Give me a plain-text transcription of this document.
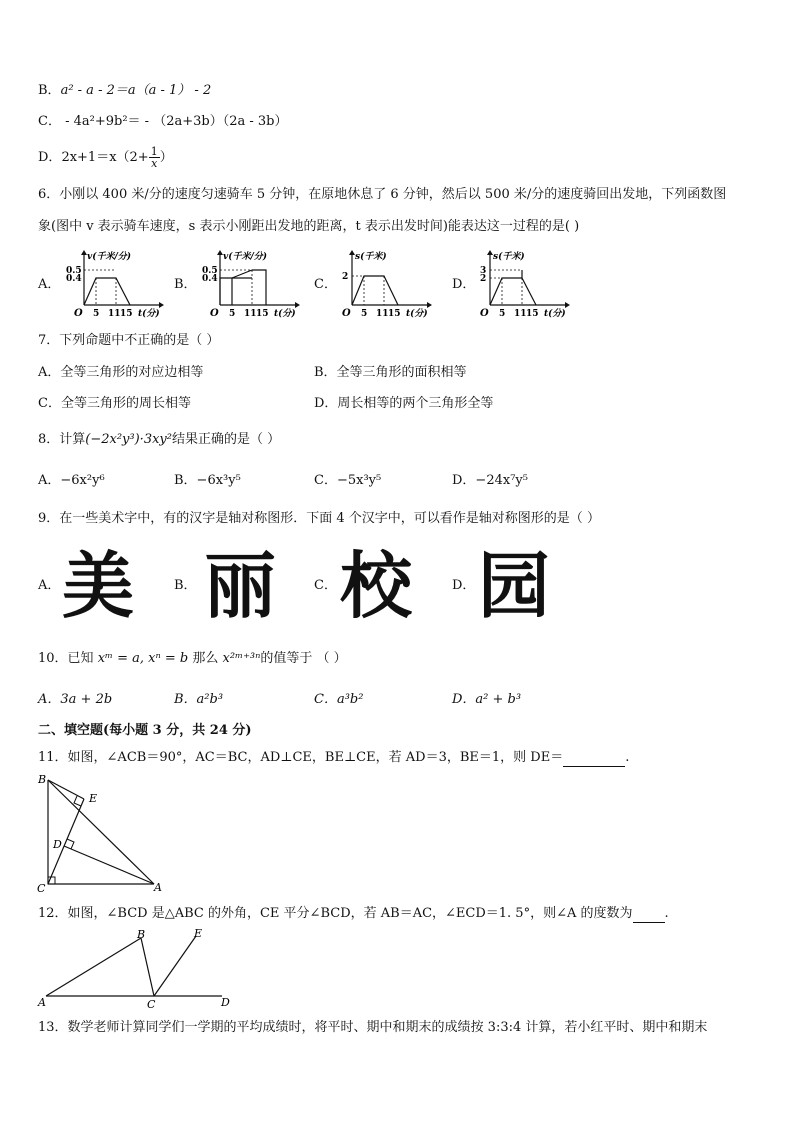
B．a² - a - 2＝a（a - 1） - 2
C． - 4a²+9b²＝ - （2a+3b）（2a - 3b）
D．$2x+1=x(2+ \frac{1}{x}$ ）
6．小刚以 400 米/分的速度匀速骑车 5 分钟，在原地休息了 6 分钟，然后以 500 米/分的速度骑回出发地，下列函数图
象(图中 v 表示骑车速度，s 表示小刚距出发地的距离，t 表示出发时间)能表达这一过程的是( )
A．	B．	C．	D．
v(千米/分)
0.5
0.4
O 5 11 15 t(分)
v(千米/分)
0.5
0.4
O 5 11 15 t(分)
s(千米)
2
O 5 11 15 t(分)
s(千米)
3
2
O 5 11 15 t(分)
7．下列命题中不正确的是（ ）
A．全等三角形的对应边相等	B．全等三角形的面积相等
C．全等三角形的周长相等	D．周长相等的两个三角形全等
8．计算(−2x²y³)·3xy²结果正确的是（ ）
A．−6x²y⁶	B．−6x³y⁵	C．−5x³y⁵	D．−24x⁷y⁵
9．在一些美术字中，有的汉字是轴对称图形．下面 4 个汉字中，可以看作是轴对称图形的是（ ）
A．	B．	C．	D．
美 丽 校 园
10．已知 xᵐ = a, xⁿ = b 那么 x²ᵐ⁺³ⁿ的值等于 （ ）
A．3a + 2b	B．a²b³	C．a³b²	D．a² + b³
二、填空题(每小题 3 分，共 24 分)
11．如图，∠ACB＝90°，AC＝BC，AD⊥CE，BE⊥CE，若 AD＝3，BE＝1，则 DE＝	.
B
E
D
C	A
12．如图，∠BCD 是△ABC 的外角，CE 平分∠BCD，若 AB＝AC，∠ECD＝1. 5°，则∠A 的度数为 .
A
B
C	D
E
13．数学老师计算同学们一学期的平均成绩时，将平时、期中和期末的成绩按 3:3:4 计算，若小红平时、期中和期末
